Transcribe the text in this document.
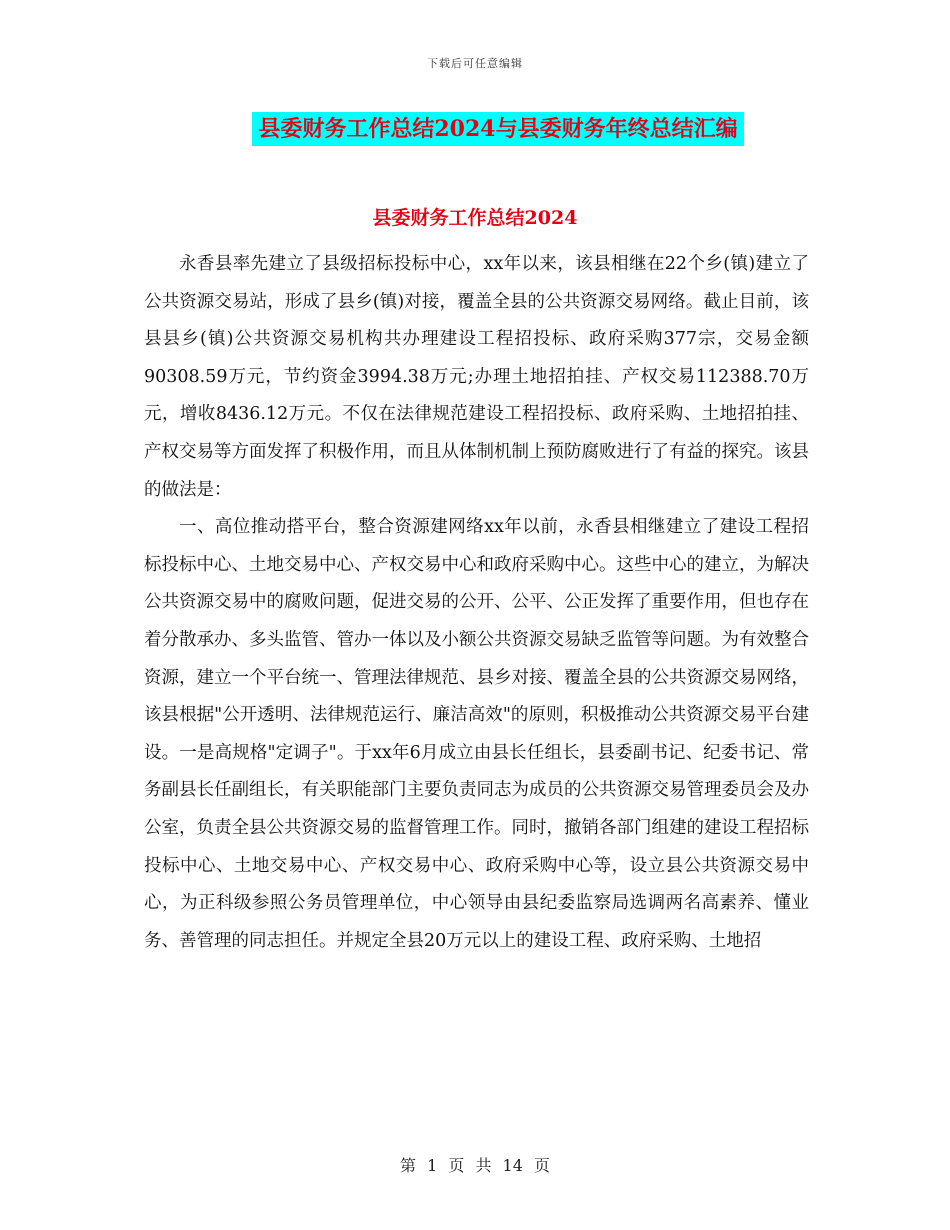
下载后可任意编辑
县委财务工作总结2024与县委财务年终总结汇编
县委财务工作总结2024

永香县率先建立了县级招标投标中心，xx年以来，该县相继在22个乡(镇)建立了公共资源交易站，形成了县乡(镇)对接，覆盖全县的公共资源交易网络。截止目前，该县县乡(镇)公共资源交易机构共办理建设工程招投标、政府采购377宗，交易金额90308.59万元，节约资金3994.38万元;办理土地招拍挂、产权交易112388.70万元，增收8436.12万元。不仅在法律规范建设工程招投标、政府采购、土地招拍挂、产权交易等方面发挥了积极作用，而且从体制机制上预防腐败进行了有益的探究。该县的做法是：

一、高位推动搭平台，整合资源建网络xx年以前，永香县相继建立了建设工程招标投标中心、土地交易中心、产权交易中心和政府采购中心。这些中心的建立，为解决公共资源交易中的腐败问题，促进交易的公开、公平、公正发挥了重要作用，但也存在着分散承办、多头监管、管办一体以及小额公共资源交易缺乏监管等问题。为有效整合资源，建立一个平台统一、管理法律规范、县乡对接、覆盖全县的公共资源交易网络，该县根据"公开透明、法律规范运行、廉洁高效"的原则，积极推动公共资源交易平台建设。一是高规格"定调子"。于xx年6月成立由县长任组长，县委副书记、纪委书记、常务副县长任副组长，有关职能部门主要负责同志为成员的公共资源交易管理委员会及办公室，负责全县公共资源交易的监督管理工作。同时，撤销各部门组建的建设工程招标投标中心、土地交易中心、产权交易中心、政府采购中心等，设立县公共资源交易中心，为正科级参照公务员管理单位，中心领导由县纪委监察局选调两名高素养、懂业务、善管理的同志担任。并规定全县20万元以上的建设工程、政府采购、土地招

第 1 页 共 14 页
